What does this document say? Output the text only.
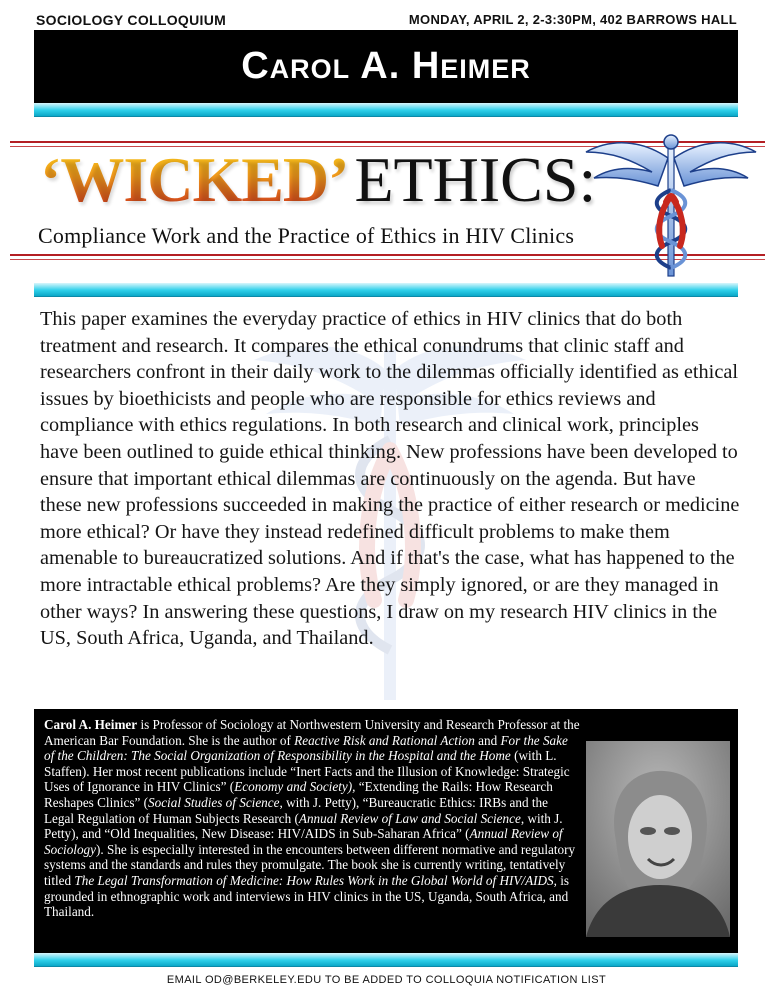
SOCIOLOGY COLLOQUIUM	MONDAY, APRIL 2, 2-3:30PM, 402 BARROWS HALL
Carol A. Heimer
‘WICKED’ETHICS:
Compliance Work and the Practice of Ethics in HIV Clinics

This paper examines the everyday practice of ethics in HIV clinics that do both treatment and research. It compares the ethical conundrums that clinic staff and researchers confront in their daily work to the dilemmas officially identified as ethical issues by bioethicists and people who are responsible for ethics reviews and compliance with ethics regulations. In both research and clinical work, principles have been outlined to guide ethical thinking. New professions have been developed to ensure that important ethical dilemmas are continuously on the agenda. But have these new professions succeeded in making the practice of either research or medicine more ethical? Or have they instead redefined difficult problems to make them amenable to bureaucratized solutions. And if that's the case, what has happened to the more intractable ethical problems? Are they simply ignored, or are they managed in other ways? In answering these questions, I draw on my research HIV clinics in the US, South Africa, Uganda, and Thailand.

Carol A. Heimer is Professor of Sociology at Northwestern University and Research Professor at the American Bar Foundation. She is the author of Reactive Risk and Rational Action and For the Sake of the Children: The Social Organization of Responsibility in the Hospital and the Home (with L. Staffen). Her most recent publications include “Inert Facts and the Illusion of Knowledge: Strategic Uses of Ignorance in HIV Clinics” (Economy and Society), “Extending the Rails: How Research Reshapes Clinics” (Social Studies of Science, with J. Petty), “Bureaucratic Ethics: IRBs and the Legal Regulation of Human Subjects Research (Annual Review of Law and Social Science, with J. Petty), and “Old Inequalities, New Disease: HIV/AIDS in Sub-Saharan Africa” (Annual Review of Sociology). She is especially interested in the encounters between different normative and regulatory systems and the standards and rules they promulgate. The book she is currently writing, tentatively titled The Legal Transformation of Medicine: How Rules Work in the Global World of HIV/AIDS, is grounded in ethnographic work and interviews in HIV clinics in the US, Uganda, South Africa, and Thailand.

EMAIL OD@BERKELEY.EDU TO BE ADDED TO COLLOQUIA NOTIFICATION LIST
